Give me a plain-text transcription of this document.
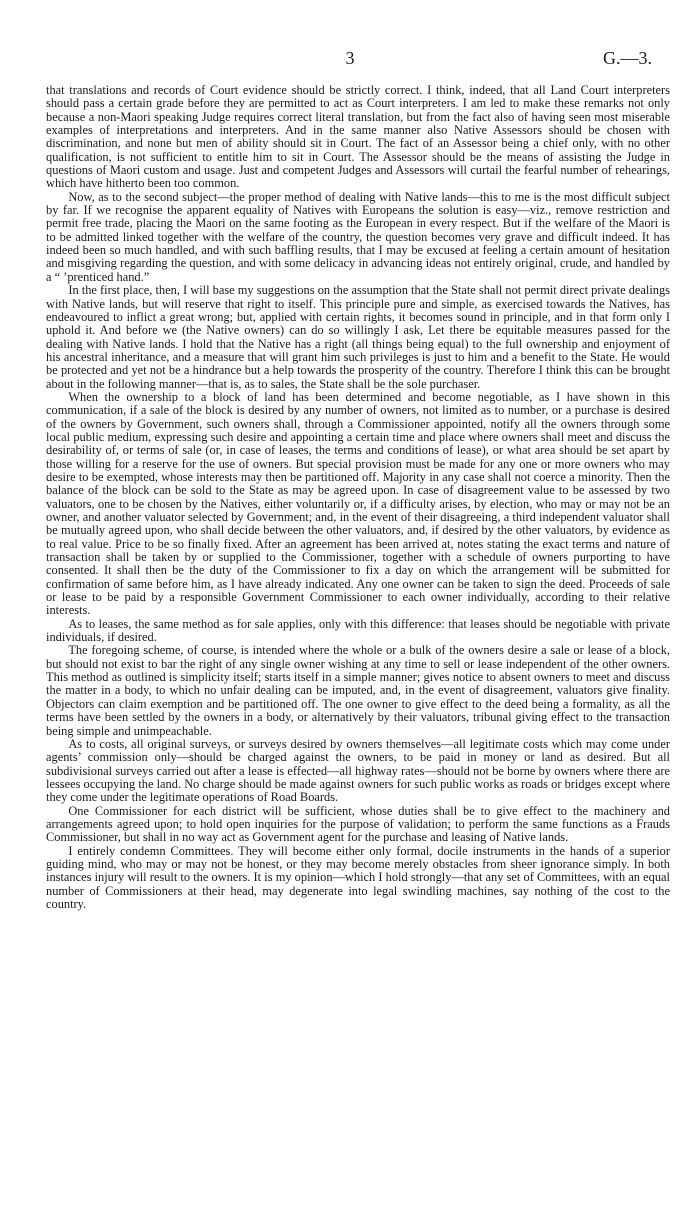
3	G.—3.

that translations and records of Court evidence should be strictly correct. I think, indeed, that all Land Court interpreters should pass a certain grade before they are permitted to act as Court interpreters. I am led to make these remarks not only because a non-Maori speaking Judge requires correct literal translation, but from the fact also of having seen most miserable examples of interpretations and interpreters. And in the same manner also Native Assessors should be chosen with discrimination, and none but men of ability should sit in Court. The fact of an Assessor being a chief only, with no other qualification, is not sufficient to entitle him to sit in Court. The Assessor should be the means of assisting the Judge in questions of Maori custom and usage. Just and competent Judges and Assessors will curtail the fearful number of rehearings, which have hitherto been too common.

Now, as to the second subject—the proper method of dealing with Native lands—this to me is the most difficult subject by far. If we recognise the apparent equality of Natives with Europeans the solution is easy—viz., remove restriction and permit free trade, placing the Maori on the same footing as the European in every respect. But if the welfare of the Maori is to be admitted linked together with the welfare of the country, the question becomes very grave and difficult indeed. It has indeed been so much handled, and with such baffling results, that I may be excused at feeling a certain amount of hesitation and misgiving regarding the question, and with some delicacy in advancing ideas not entirely original, crude, and handled by a “ ’prenticed hand.”

In the first place, then, I will base my suggestions on the assumption that the State shall not permit direct private dealings with Native lands, but will reserve that right to itself. This principle pure and simple, as exercised towards the Natives, has endeavoured to inflict a great wrong; but, applied with certain rights, it becomes sound in principle, and in that form only I uphold it. And before we (the Native owners) can do so willingly I ask, Let there be equitable measures passed for the dealing with Native lands. I hold that the Native has a right (all things being equal) to the full ownership and enjoyment of his ancestral inheritance, and a measure that will grant him such privileges is just to him and a benefit to the State. He would be protected and yet not be a hindrance but a help towards the prosperity of the country. Therefore I think this can be brought about in the following manner—that is, as to sales, the State shall be the sole purchaser.

When the ownership to a block of land has been determined and become negotiable, as I have shown in this communication, if a sale of the block is desired by any number of owners, not limited as to number, or a purchase is desired of the owners by Government, such owners shall, through a Commissioner appointed, notify all the owners through some local public medium, expressing such desire and appointing a certain time and place where owners shall meet and discuss the desirability of, or terms of sale (or, in case of leases, the terms and conditions of lease), or what area should be set apart by those willing for a reserve for the use of owners. But special provision must be made for any one or more owners who may desire to be exempted, whose interests may then be partitioned off. Majority in any case shall not coerce a minority. Then the balance of the block can be sold to the State as may be agreed upon. In case of disagreement value to be assessed by two valuators, one to be chosen by the Natives, either voluntarily or, if a difficulty arises, by election, who may or may not be an owner, and another valuator selected by Government; and, in the event of their disagreeing, a third independent valuator shall be mutually agreed upon, who shall decide between the other valuators, and, if desired by the other valuators, by evidence as to real value. Price to be so finally fixed. After an agreement has been arrived at, notes stating the exact terms and nature of transaction shall be taken by or supplied to the Commissioner, together with a schedule of owners purporting to have consented. It shall then be the duty of the Commissioner to fix a day on which the arrangement will be submitted for confirmation of same before him, as I have already indicated. Any one owner can be taken to sign the deed. Proceeds of sale or lease to be paid by a responsible Government Commissioner to each owner individually, according to their relative interests.

As to leases, the same method as for sale applies, only with this difference: that leases should be negotiable with private individuals, if desired.

The foregoing scheme, of course, is intended where the whole or a bulk of the owners desire a sale or lease of a block, but should not exist to bar the right of any single owner wishing at any time to sell or lease independent of the other owners. This method as outlined is simplicity itself; starts itself in a simple manner; gives notice to absent owners to meet and discuss the matter in a body, to which no unfair dealing can be imputed, and, in the event of disagreement, valuators give finality. Objectors can claim exemption and be partitioned off. The one owner to give effect to the deed being a formality, as all the terms have been settled by the owners in a body, or alternatively by their valuators, tribunal giving effect to the transaction being simple and unimpeachable.

As to costs, all original surveys, or surveys desired by owners themselves—all legitimate costs which may come under agents’ commission only—should be charged against the owners, to be paid in money or land as desired. But all subdivisional surveys carried out after a lease is effected—all highway rates—should not be borne by owners where there are lessees occupying the land. No charge should be made against owners for such public works as roads or bridges except where they come under the legitimate operations of Road Boards.

One Commissioner for each district will be sufficient, whose duties shall be to give effect to the machinery and arrangements agreed upon; to hold open inquiries for the purpose of validation; to perform the same functions as a Frauds Commissioner, but shall in no way act as Government agent for the purchase and leasing of Native lands.

I entirely condemn Committees. They will become either only formal, docile instruments in the hands of a superior guiding mind, who may or may not be honest, or they may become merely obstacles from sheer ignorance simply. In both instances injury will result to the owners. It is my opinion—which I hold strongly—that any set of Committees, with an equal number of Commissioners at their head, may degenerate into legal swindling machines, say nothing of the cost to the country.
